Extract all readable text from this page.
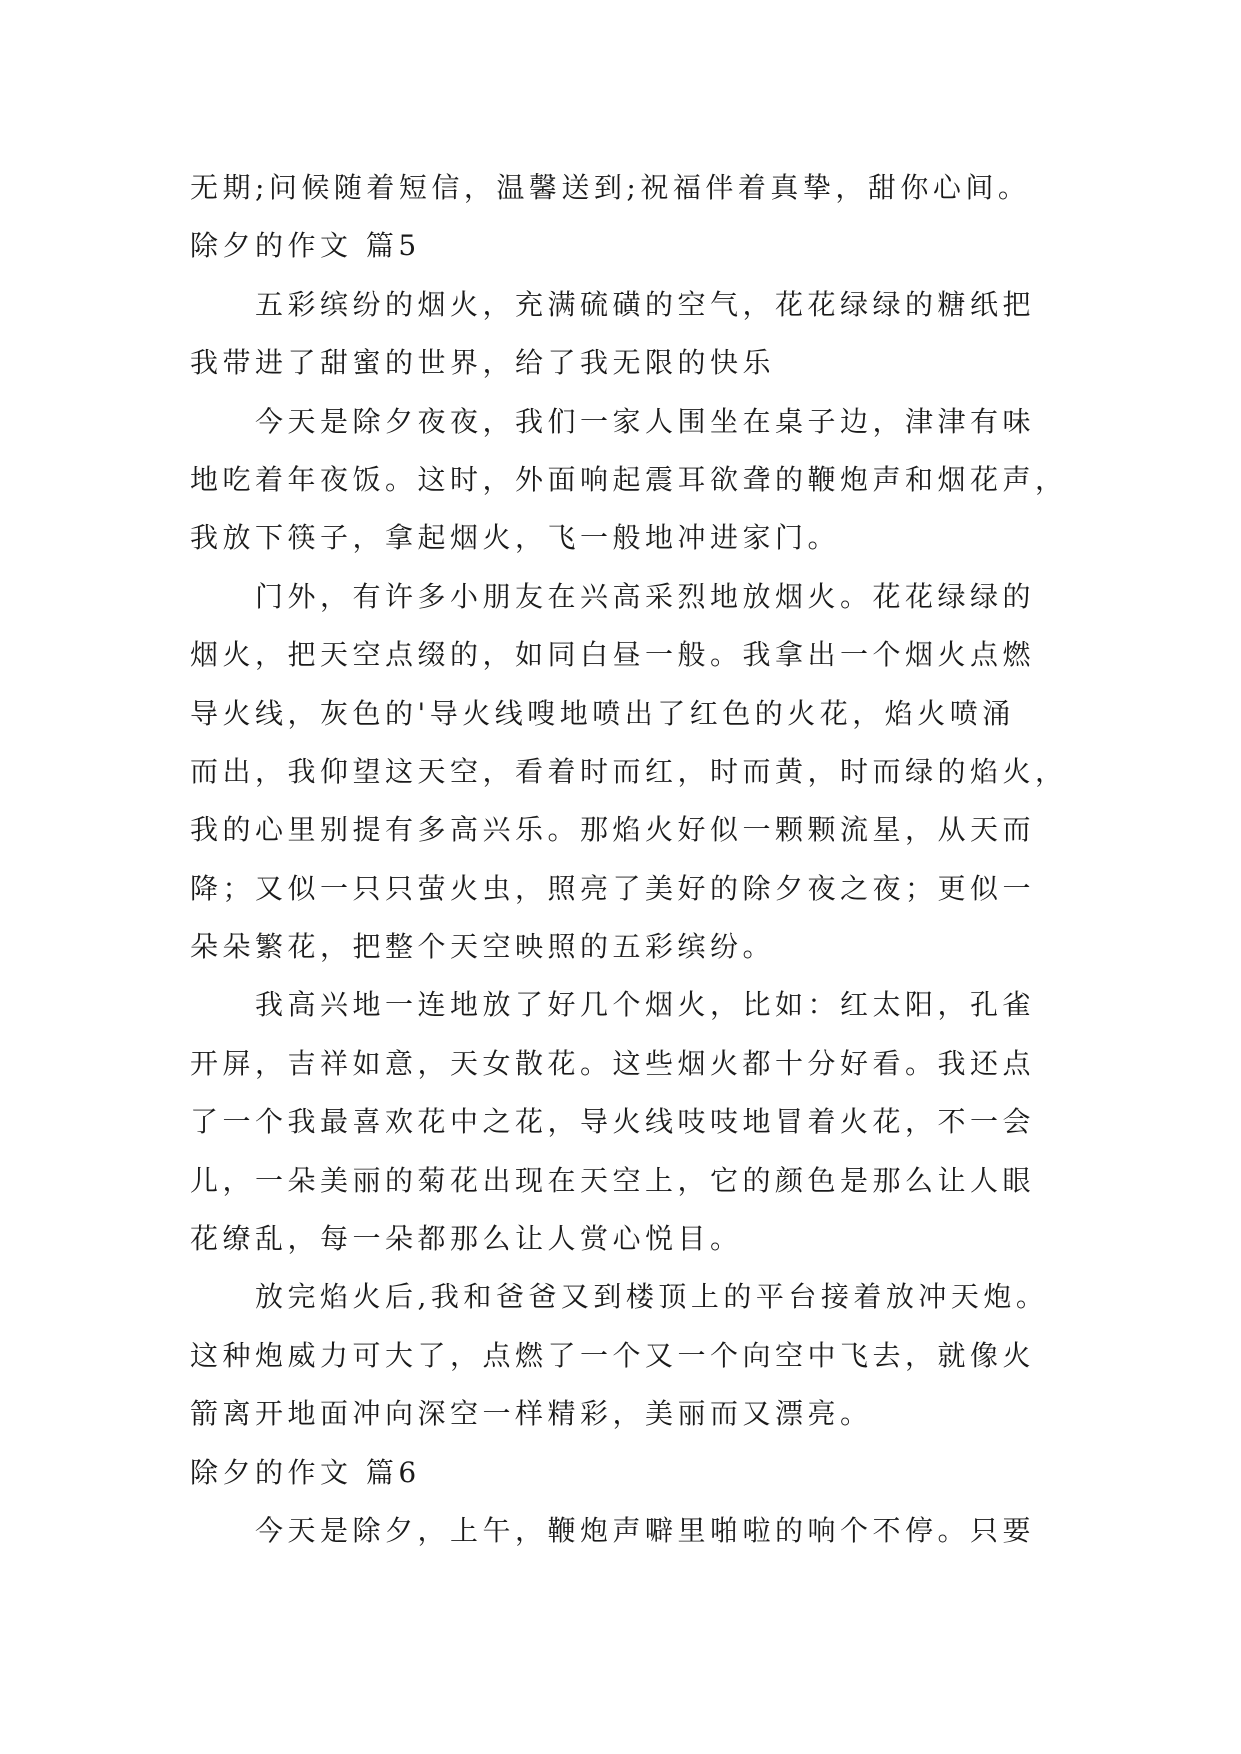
无期;问候随着短信，温馨送到;祝福伴着真挚，甜你心间。
除夕的作文 篇5
五彩缤纷的烟火，充满硫磺的空气，花花绿绿的糖纸把
我带进了甜蜜的世界，给了我无限的快乐
今天是除夕夜夜，我们一家人围坐在桌子边，津津有味
地吃着年夜饭。这时，外面响起震耳欲聋的鞭炮声和烟花声，
我放下筷子，拿起烟火，飞一般地冲进家门。
门外，有许多小朋友在兴高采烈地放烟火。花花绿绿的
烟火，把天空点缀的，如同白昼一般。我拿出一个烟火点燃
导火线，灰色的'导火线嗖地喷出了红色的火花，焰火喷涌
而出，我仰望这天空，看着时而红，时而黄，时而绿的焰火，
我的心里别提有多高兴乐。那焰火好似一颗颗流星，从天而
降；又似一只只萤火虫，照亮了美好的除夕夜之夜；更似一
朵朵繁花，把整个天空映照的五彩缤纷。
我高兴地一连地放了好几个烟火，比如：红太阳，孔雀
开屏，吉祥如意，天女散花。这些烟火都十分好看。我还点
了一个我最喜欢花中之花，导火线吱吱地冒着火花，不一会
儿，一朵美丽的菊花出现在天空上，它的颜色是那么让人眼
花缭乱，每一朵都那么让人赏心悦目。
放完焰火后,我和爸爸又到楼顶上的平台接着放冲天炮。
这种炮威力可大了，点燃了一个又一个向空中飞去，就像火
箭离开地面冲向深空一样精彩，美丽而又漂亮。
除夕的作文 篇6
今天是除夕，上午，鞭炮声噼里啪啦的响个不停。只要
